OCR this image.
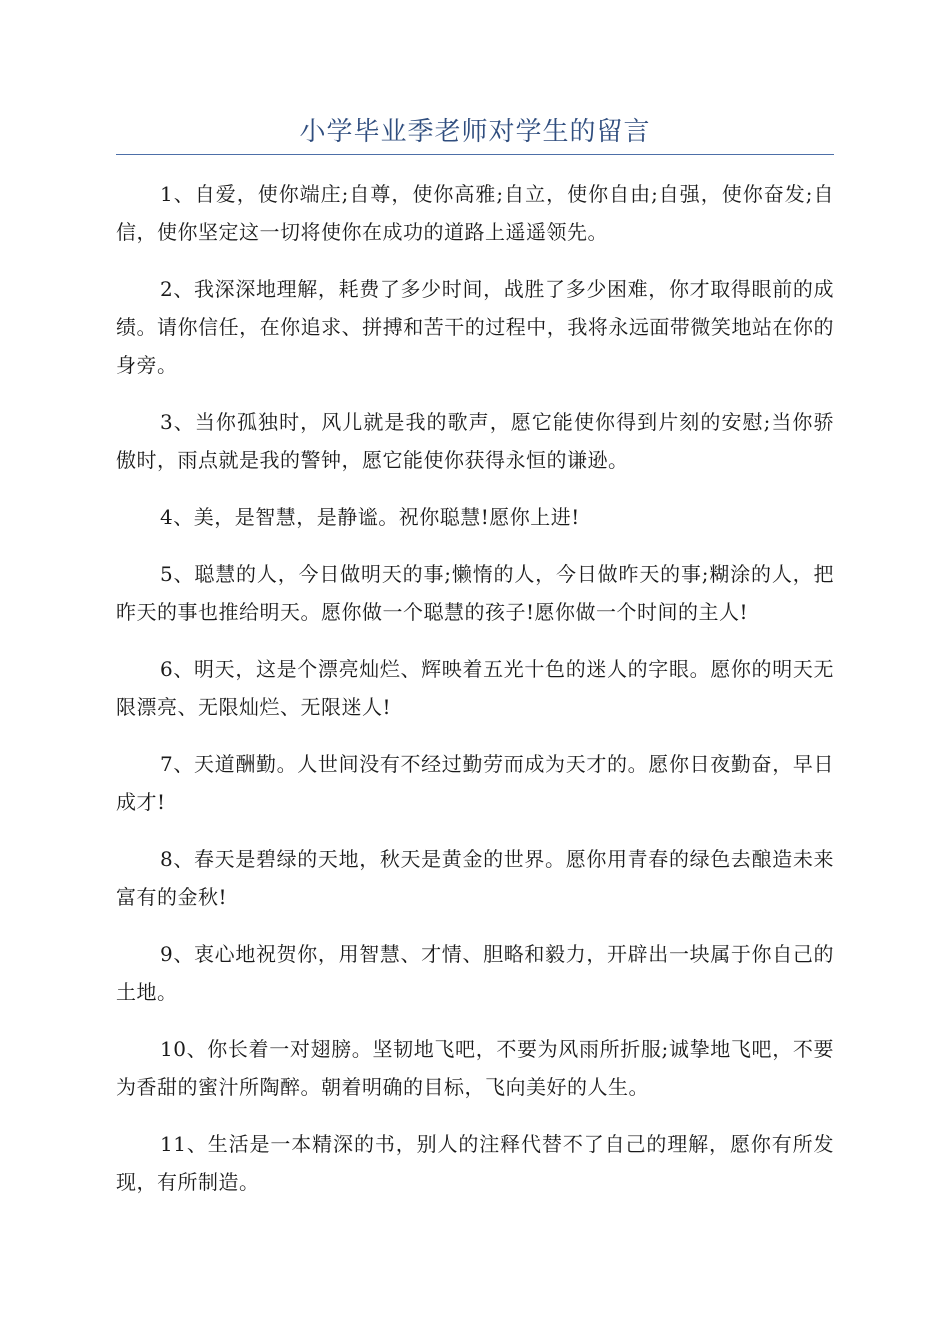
小学毕业季老师对学生的留言

1、自爱，使你端庄;自尊，使你高雅;自立，使你自由;自强，使你奋发;自信，使你坚定这一切将使你在成功的道路上遥遥领先。

2、我深深地理解，耗费了多少时间，战胜了多少困难，你才取得眼前的成绩。请你信任，在你追求、拼搏和苦干的过程中，我将永远面带微笑地站在你的身旁。

3、当你孤独时，风儿就是我的歌声，愿它能使你得到片刻的安慰;当你骄傲时，雨点就是我的警钟，愿它能使你获得永恒的谦逊。

4、美，是智慧，是静谧。祝你聪慧!愿你上进!

5、聪慧的人，今日做明天的事;懒惰的人，今日做昨天的事;糊涂的人，把昨天的事也推给明天。愿你做一个聪慧的孩子!愿你做一个时间的主人!

6、明天，这是个漂亮灿烂、辉映着五光十色的迷人的字眼。愿你的明天无限漂亮、无限灿烂、无限迷人!

7、天道酬勤。人世间没有不经过勤劳而成为天才的。愿你日夜勤奋，早日成才!

8、春天是碧绿的天地，秋天是黄金的世界。愿你用青春的绿色去酿造未来富有的金秋!

9、衷心地祝贺你，用智慧、才情、胆略和毅力，开辟出一块属于你自己的土地。

10、你长着一对翅膀。坚韧地飞吧，不要为风雨所折服;诚挚地飞吧，不要为香甜的蜜汁所陶醉。朝着明确的目标，飞向美好的人生。

11、生活是一本精深的书，别人的注释代替不了自己的理解，愿你有所发现，有所制造。
